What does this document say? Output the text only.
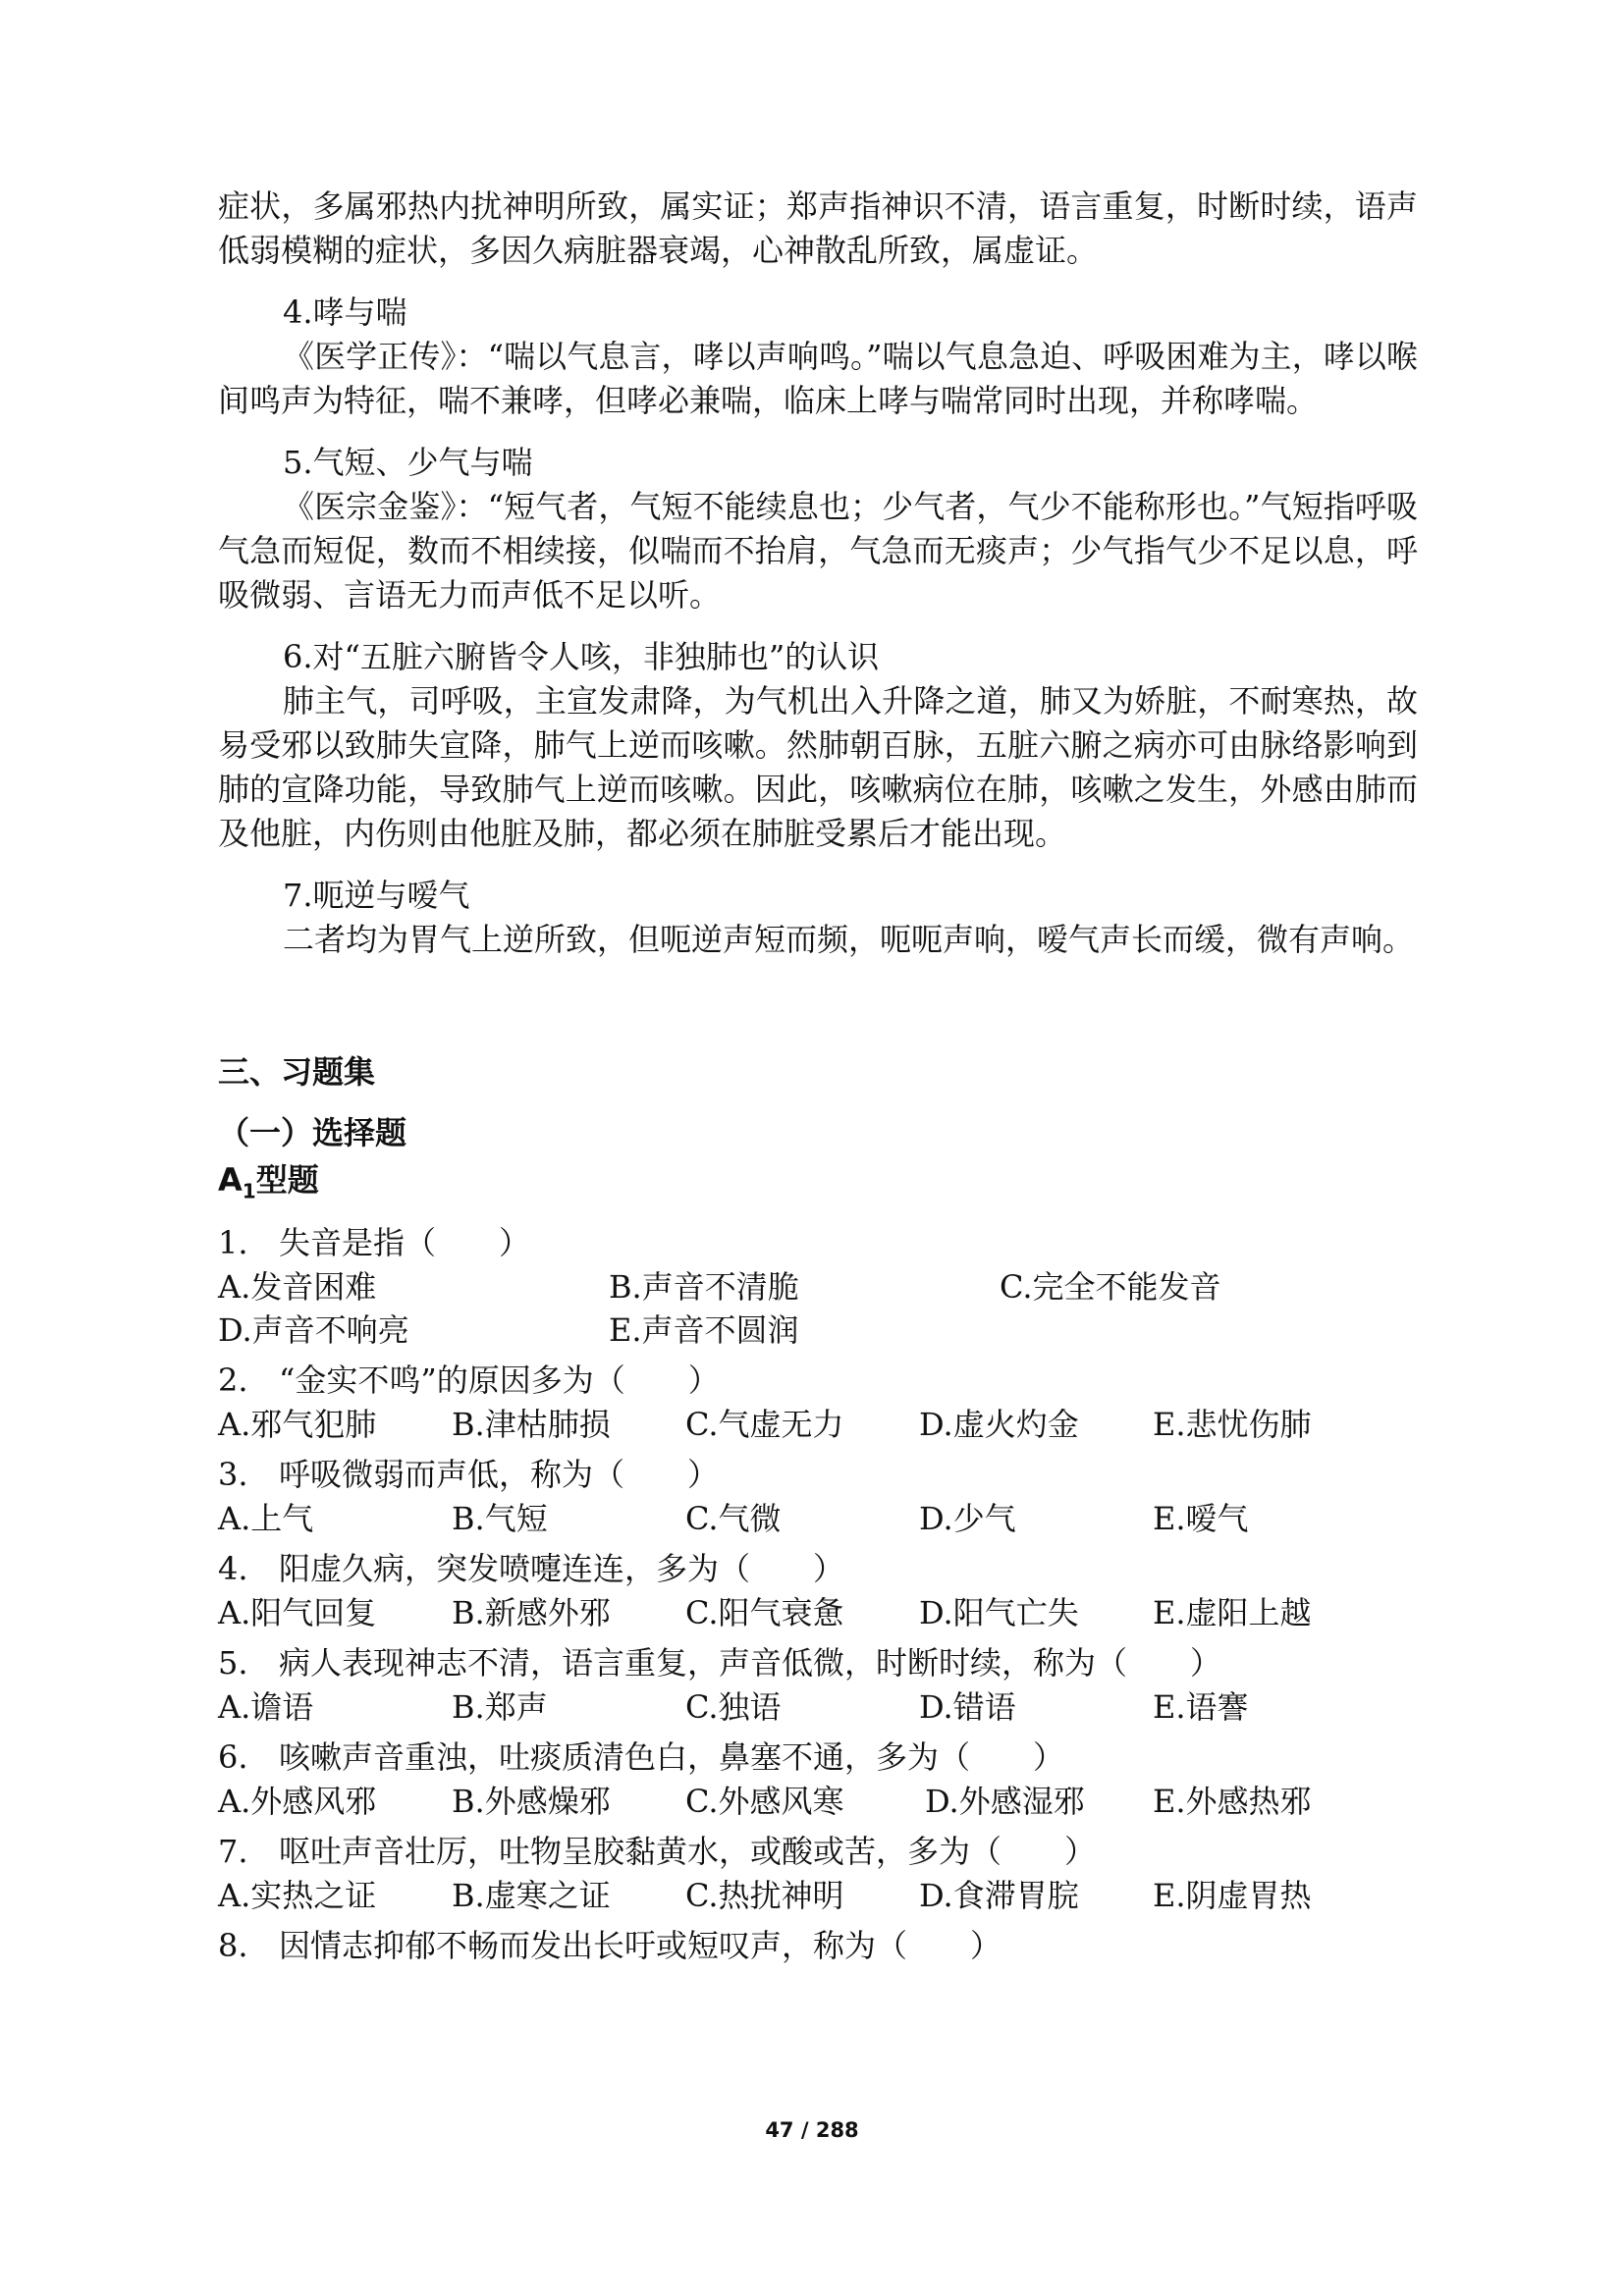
症状，多属邪热内扰神明所致，属实证；郑声指神识不清，语言重复，时断时续，语声低弱模糊的症状，多因久病脏器衰竭，心神散乱所致，属虚证。

4.哮与喘

《医学正传》：“喘以气息言，哮以声响鸣。”喘以气息急迫、呼吸困难为主，哮以喉间鸣声为特征，喘不兼哮，但哮必兼喘，临床上哮与喘常同时出现，并称哮喘。

5.气短、少气与喘

《医宗金鉴》：“短气者，气短不能续息也；少气者，气少不能称形也。”气短指呼吸气急而短促，数而不相续接，似喘而不抬肩，气急而无痰声；少气指气少不足以息，呼吸微弱、言语无力而声低不足以听。

6.对“五脏六腑皆令人咳，非独肺也”的认识

肺主气，司呼吸，主宣发肃降，为气机出入升降之道，肺又为娇脏，不耐寒热，故易受邪以致肺失宣降，肺气上逆而咳嗽。然肺朝百脉，五脏六腑之病亦可由脉络影响到肺的宣降功能，导致肺气上逆而咳嗽。因此，咳嗽病位在肺，咳嗽之发生，外感由肺而及他脏，内伤则由他脏及肺，都必须在肺脏受累后才能出现。

7.呃逆与嗳气

二者均为胃气上逆所致，但呃逆声短而频，呃呃声响，嗳气声长而缓，微有声响。

三、习题集

（一）选择题

$A_1$型题

1. 失音是指（　　）

A.发音困难	B.声音不清脆	C.完全不能发音
D.声音不响亮	E.声音不圆润

2. “金实不鸣”的原因多为（　　）

A.邪气犯肺 B.津枯肺损 C.气虚无力 D.虚火灼金 E.悲忧伤肺

3. 呼吸微弱而声低，称为（　　）

A.上气	B.气短	C.气微	D.少气	E.嗳气

4. 阳虚久病，突发喷嚏连连，多为（　　）

A.阳气回复 B.新感外邪 C.阳气衰惫 D.阳气亡失 E.虚阳上越

5. 病人表现神志不清，语言重复，声音低微，时断时续，称为（　　）

A.谵语	B.郑声	C.独语	D.错语	E.语謇

6. 咳嗽声音重浊，吐痰质清色白，鼻塞不通，多为（　　）

A.外感风邪 B.外感燥邪 C.外感风寒	D.外感湿邪 E.外感热邪

7. 呕吐声音壮厉，吐物呈胶黏黄水，或酸或苦，多为（　　）

A.实热之证 B.虚寒之证 C.热扰神明 D.食滞胃脘 E.阴虚胃热

8. 因情志抑郁不畅而发出长吁或短叹声，称为（　　）

47 / 288
